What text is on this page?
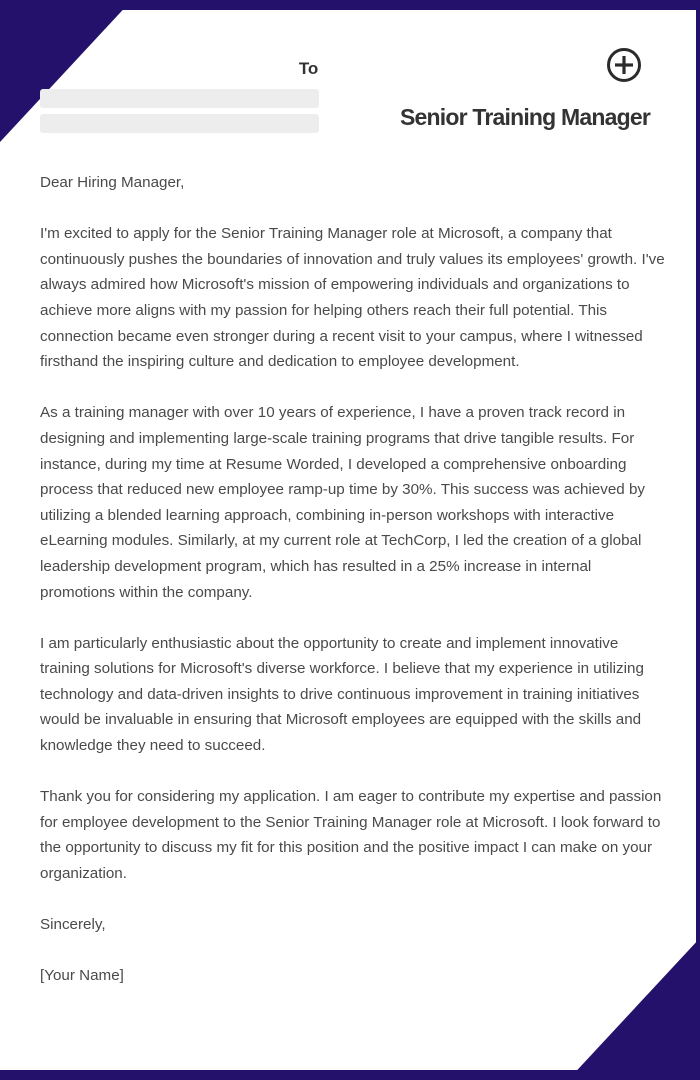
To
Senior Training Manager

Dear Hiring Manager,

I'm excited to apply for the Senior Training Manager role at Microsoft, a company that continuously pushes the boundaries of innovation and truly values its employees' growth. I've always admired how Microsoft's mission of empowering individuals and organizations to achieve more aligns with my passion for helping others reach their full potential. This connection became even stronger during a recent visit to your campus, where I witnessed firsthand the inspiring culture and dedication to employee development.

As a training manager with over 10 years of experience, I have a proven track record in designing and implementing large-scale training programs that drive tangible results. For instance, during my time at Resume Worded, I developed a comprehensive onboarding process that reduced new employee ramp-up time by 30%. This success was achieved by utilizing a blended learning approach, combining in-person workshops with interactive eLearning modules. Similarly, at my current role at TechCorp, I led the creation of a global leadership development program, which has resulted in a 25% increase in internal promotions within the company.

I am particularly enthusiastic about the opportunity to create and implement innovative training solutions for Microsoft's diverse workforce. I believe that my experience in utilizing technology and data-driven insights to drive continuous improvement in training initiatives would be invaluable in ensuring that Microsoft employees are equipped with the skills and knowledge they need to succeed.

Thank you for considering my application. I am eager to contribute my expertise and passion for employee development to the Senior Training Manager role at Microsoft. I look forward to the opportunity to discuss my fit for this position and the positive impact I can make on your organization.

Sincerely,

[Your Name]
